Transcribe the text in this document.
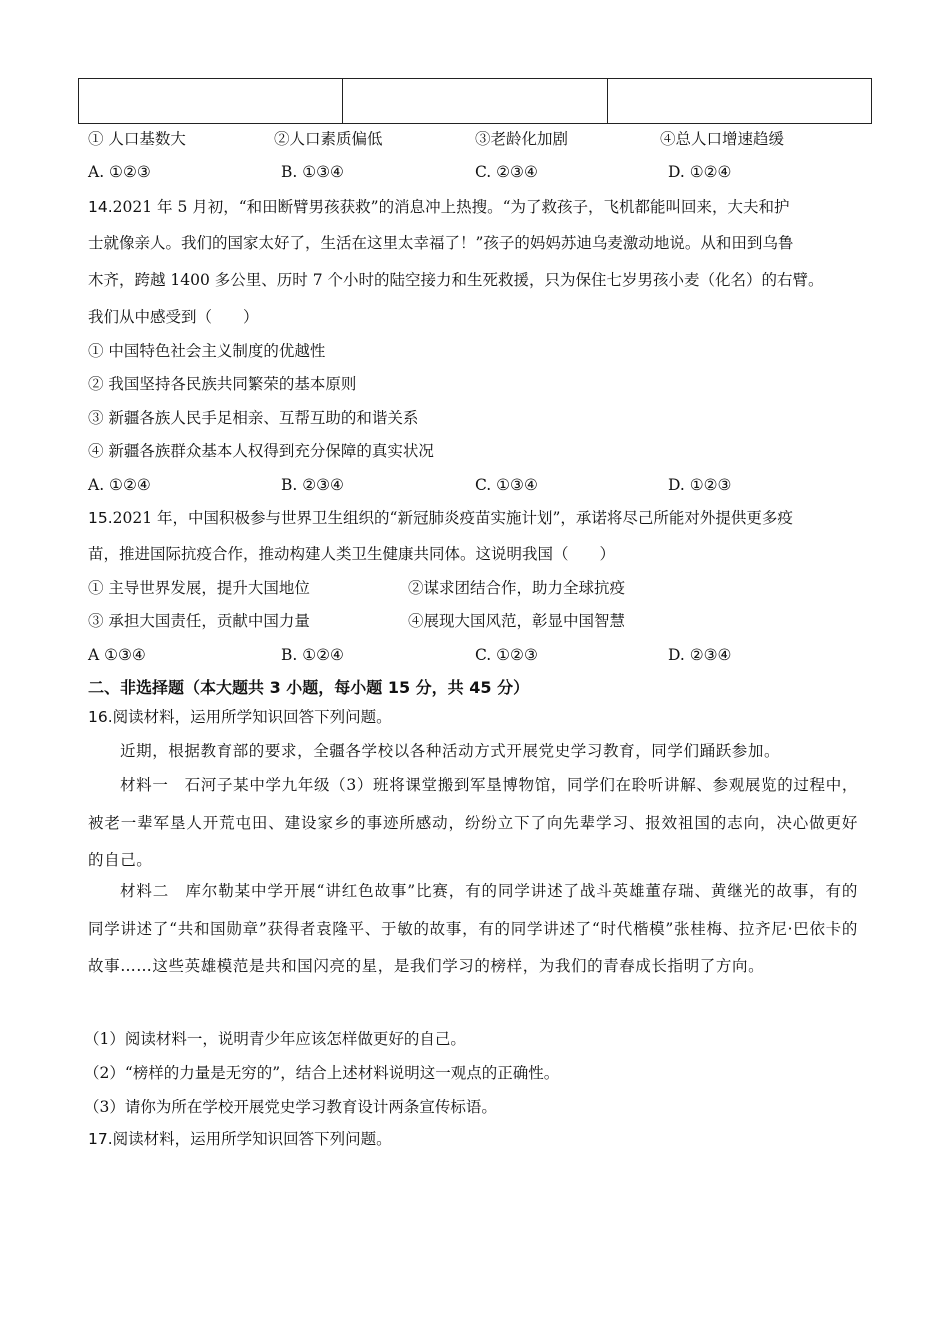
① 人口基数大	②人口素质偏低	③老龄化加剧	④总人口增速趋缓
A. ①②③	B. ①③④	C. ②③④	D. ①②④
14.2021 年 5 月初，“和田断臂男孩获救”的消息冲上热搜。“为了救孩子，飞机都能叫回来，大夫和护
士就像亲人。我们的国家太好了，生活在这里太幸福了！”孩子的妈妈苏迪乌麦激动地说。从和田到乌鲁
木齐，跨越 1400 多公里、历时 7 个小时的陆空接力和生死救援，只为保住七岁男孩小麦（化名）的右臂。
我们从中感受到（　　）
① 中国特色社会主义制度的优越性
② 我国坚持各民族共同繁荣的基本原则
③ 新疆各族人民手足相亲、互帮互助的和谐关系
④ 新疆各族群众基本人权得到充分保障的真实状况
A. ①②④	B. ②③④	C. ①③④	D. ①②③
15.2021 年，中国积极参与世界卫生组织的“新冠肺炎疫苗实施计划”，承诺将尽己所能对外提供更多疫
苗，推进国际抗疫合作，推动构建人类卫生健康共同体。这说明我国（　　）
① 主导世界发展，提升大国地位	②谋求团结合作，助力全球抗疫
③ 承担大国责任，贡献中国力量	④展现大国风范，彰显中国智慧
A ①③④	B. ①②④	C. ①②③	D. ②③④
二、非选择题（本大题共 3 小题，每小题 15 分，共 45 分）
16.阅读材料，运用所学知识回答下列问题。
近期，根据教育部的要求，全疆各学校以各种活动方式开展党史学习教育，同学们踊跃参加。
材料一　石河子某中学九年级（3）班将课堂搬到军垦博物馆，同学们在聆听讲解、参观展览的过程中，被老一辈军垦人开荒屯田、建设家乡的事迹所感动，纷纷立下了向先辈学习、报效祖国的志向，决心做更好的自己。
材料二　库尔勒某中学开展“讲红色故事”比赛，有的同学讲述了战斗英雄董存瑞、黄继光的故事，有的同学讲述了“共和国勋章”获得者袁隆平、于敏的故事，有的同学讲述了“时代楷模”张桂梅、拉齐尼·巴依卡的故事……这些英雄模范是共和国闪亮的星，是我们学习的榜样，为我们的青春成长指明了方向。
（1）阅读材料一，说明青少年应该怎样做更好的自己。
（2）“榜样的力量是无穷的”，结合上述材料说明这一观点的正确性。
（3）请你为所在学校开展党史学习教育设计两条宣传标语。
17.阅读材料，运用所学知识回答下列问题。
